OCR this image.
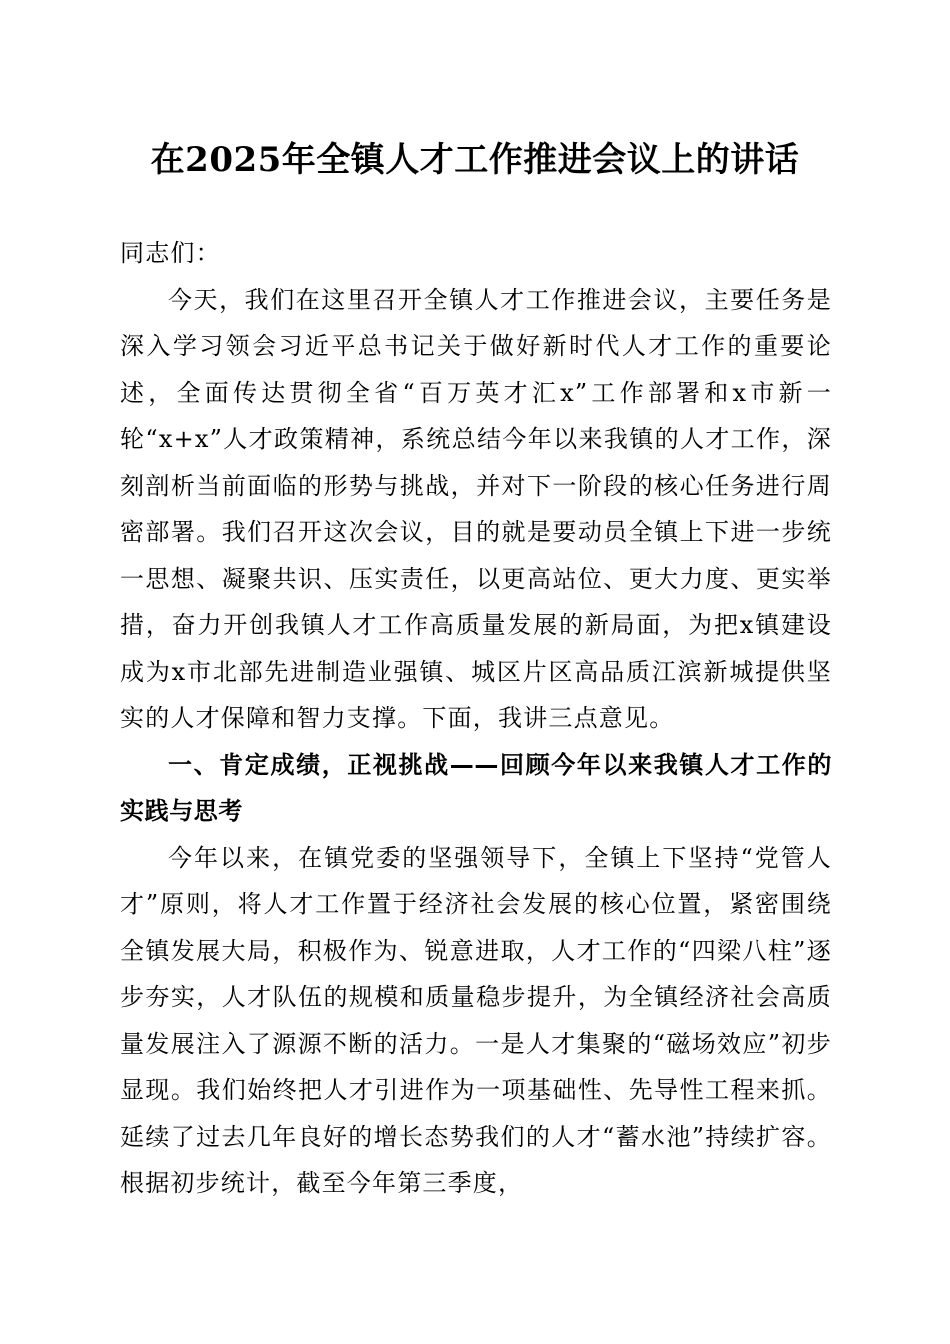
在2025年全镇人才工作推进会议上的讲话

同志们：

今天，我们在这里召开全镇人才工作推进会议，主要任务是深入学习领会习近平总书记关于做好新时代人才工作的重要论述，全面传达贯彻全省“百万英才汇x”工作部署和x市新一轮“x+x”人才政策精神，系统总结今年以来我镇的人才工作，深刻剖析当前面临的形势与挑战，并对下一阶段的核心任务进行周密部署。我们召开这次会议，目的就是要动员全镇上下进一步统一思想、凝聚共识、压实责任，以更高站位、更大力度、更实举措，奋力开创我镇人才工作高质量发展的新局面，为把x镇建设成为x市北部先进制造业强镇、城区片区高品质江滨新城提供坚实的人才保障和智力支撑。下面，我讲三点意见。

一、肯定成绩，正视挑战——回顾今年以来我镇人才工作的实践与思考

今年以来，在镇党委的坚强领导下，全镇上下坚持“党管人才”原则，将人才工作置于经济社会发展的核心位置，紧密围绕全镇发展大局，积极作为、锐意进取，人才工作的“四梁八柱”逐步夯实，人才队伍的规模和质量稳步提升，为全镇经济社会高质量发展注入了源源不断的活力。一是人才集聚的“磁场效应”初步显现。我们始终把人才引进作为一项基础性、先导性工程来抓。延续了过去几年良好的增长态势我们的人才“蓄水池”持续扩容。根据初步统计，截至今年第三季度，
